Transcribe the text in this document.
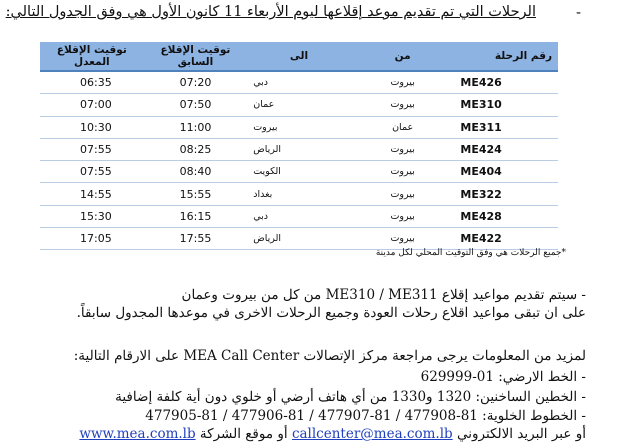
-
الرحلات التي تم تقديم موعد إقلاعها ليوم الأربعاء 11 كانون الأول هي وفق الجدول التالي:
رقم الرحلة	من	الى	توقيت الإقلاع السابق	توقيت الإقلاع المعدل
ME426	بيروت	دبي	07:20	06:35
ME310	بيروت	عمان	07:50	07:00
ME311	عمان	بيروت	11:00	10:30
ME424	بيروت	الرياض	08:25	07:55
ME404	بيروت	الكويت	08:40	07:55
ME322	بيروت	بغداد	15:55	14:55
ME428	بيروت	دبي	16:15	15:30
ME422	بيروت	الرياض	17:55	17:05
*جميع الرحلات هي وفق التوقيت المحلي لكل مدينة
- سيتم تقديم مواعيد إقلاع ME310 / ME311 من كل من بيروت وعمان
على ان تبقى مواعيد اقلاع رحلات العودة وجميع الرحلات الاخرى في موعدها المجدول سابقاً.
لمزيد من المعلومات يرجى مراجعة مركز الإتصالات MEA Call Center على الارقام التالية:
- الخط الارضي: 01-629999
- الخطين الساخنين: 1320 و1330 من أي هاتف أرضي أو خلوي دون أية كلفة إضافية
- الخطوط الخلوية: 81-477908 / 81-477907 / 81-477906 / 81-477905
أو عبر البريد الالكتروني callcenter@mea.com.lb أو موقع الشركة www.mea.com.lb
